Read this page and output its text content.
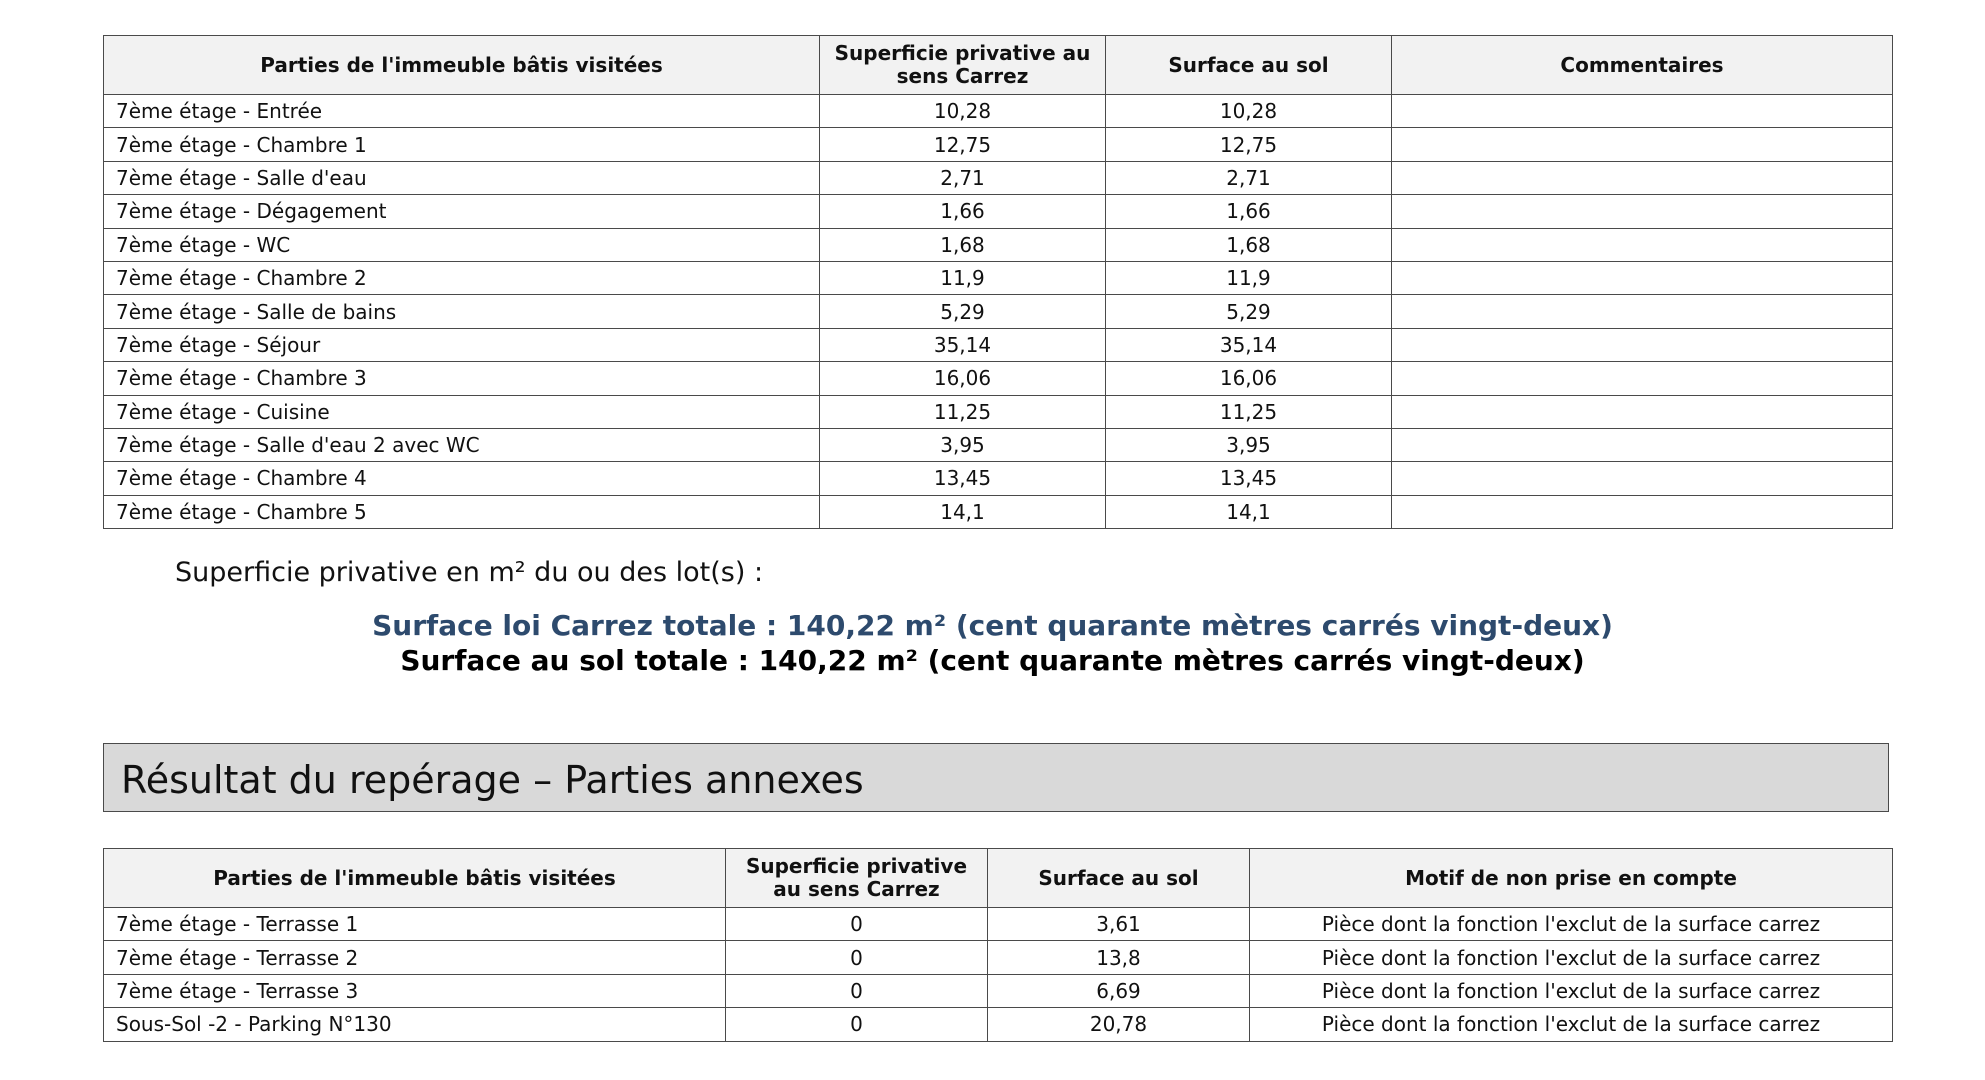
Parties de l'immeuble bâtis visitées	Superficie privative au sens Carrez	Surface au sol	Commentaires
7ème étage - Entrée	10,28	10,28	
7ème étage - Chambre 1	12,75	12,75	
7ème étage - Salle d'eau	2,71	2,71	
7ème étage - Dégagement	1,66	1,66	
7ème étage - WC	1,68	1,68	
7ème étage - Chambre 2	11,9	11,9	
7ème étage - Salle de bains	5,29	5,29	
7ème étage - Séjour	35,14	35,14	
7ème étage - Chambre 3	16,06	16,06	
7ème étage - Cuisine	11,25	11,25	
7ème étage - Salle d'eau 2 avec WC	3,95	3,95	
7ème étage - Chambre 4	13,45	13,45	
7ème étage - Chambre 5	14,1	14,1	
Superficie privative en m² du ou des lot(s) :
Surface loi Carrez totale : 140,22 m² (cent quarante mètres carrés vingt-deux)
Surface au sol totale : 140,22 m² (cent quarante mètres carrés vingt-deux)
Résultat du repérage – Parties annexes
Parties de l'immeuble bâtis visitées	Superficie privative au sens Carrez	Surface au sol	Motif de non prise en compte
7ème étage - Terrasse 1	0	3,61	Pièce dont la fonction l'exclut de la surface carrez
7ème étage - Terrasse 2	0	13,8	Pièce dont la fonction l'exclut de la surface carrez
7ème étage - Terrasse 3	0	6,69	Pièce dont la fonction l'exclut de la surface carrez
Sous-Sol -2 - Parking N°130	0	20,78	Pièce dont la fonction l'exclut de la surface carrez
